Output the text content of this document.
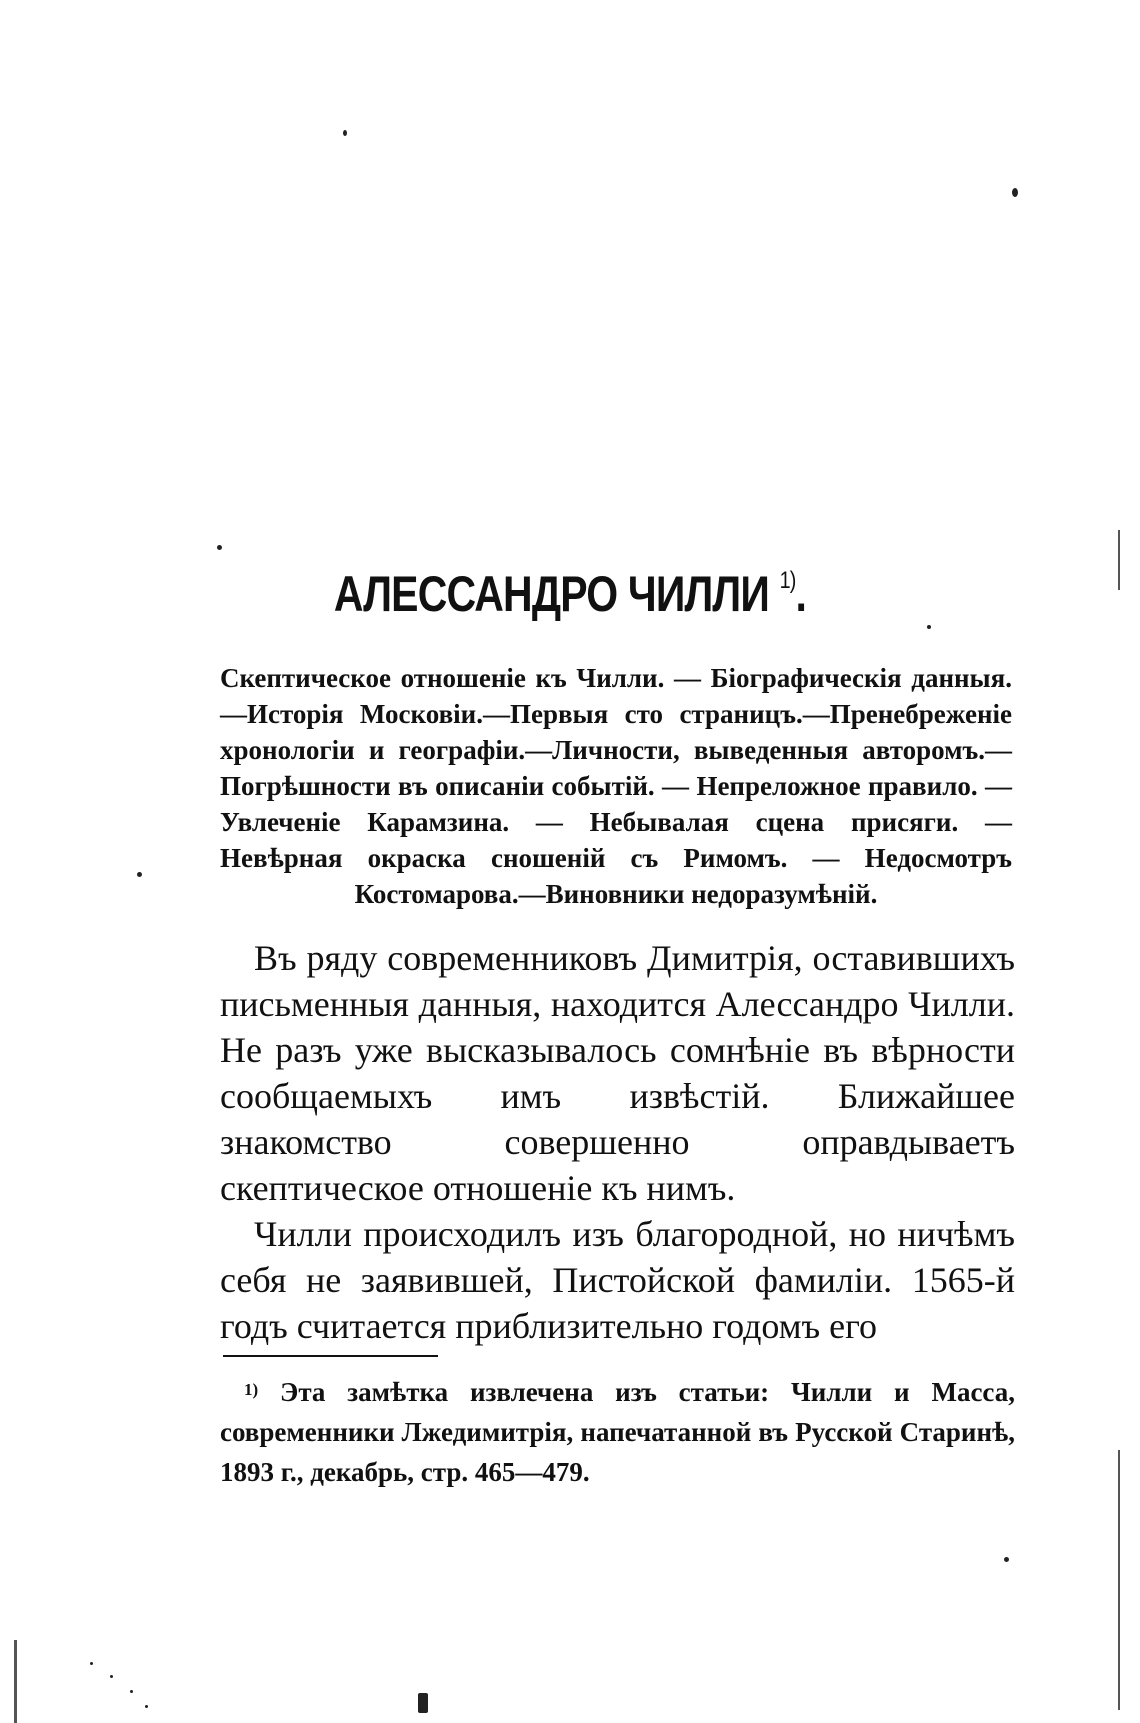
АЛЕССАНДРО ЧИЛЛИ $^{1)}$.
Скептическое отношеніе къ Чилли. — Біографическія данныя.—Исторія Московіи.—Первыя сто страницъ.—Пренебреженіе хронологіи и географіи.—Личности, выведенныя авторомъ.—Погрѣшности въ описаніи событій. — Непреложное правило. — Увлеченіе Карамзина. — Небывалая сцена присяги. — Невѣрная окраска сношеній съ Римомъ. — Недосмотръ Костомарова.—Виновники недоразумѣній.

Въ ряду современниковъ Димитрія, оставившихъ письменныя данныя, находится Алессандро Чилли. Не разъ уже высказывалось сомнѣніе въ вѣрности сообщаемыхъ имъ извѣстій. Ближайшее знакомство совершенно оправдываетъ скептическое отношеніе къ нимъ.

Чилли происходилъ изъ благородной, но ничѣмъ себя не заявившей, Пистойской фамиліи. 1565-й годъ считается приблизительно годомъ его

$^{1)}$ Эта замѣтка извлечена изъ статьи: Чилли и Масса, современники Лжедимитрія, напечатанной въ Русской Старинѣ, 1893 г., декабрь, стр. 465—479.
